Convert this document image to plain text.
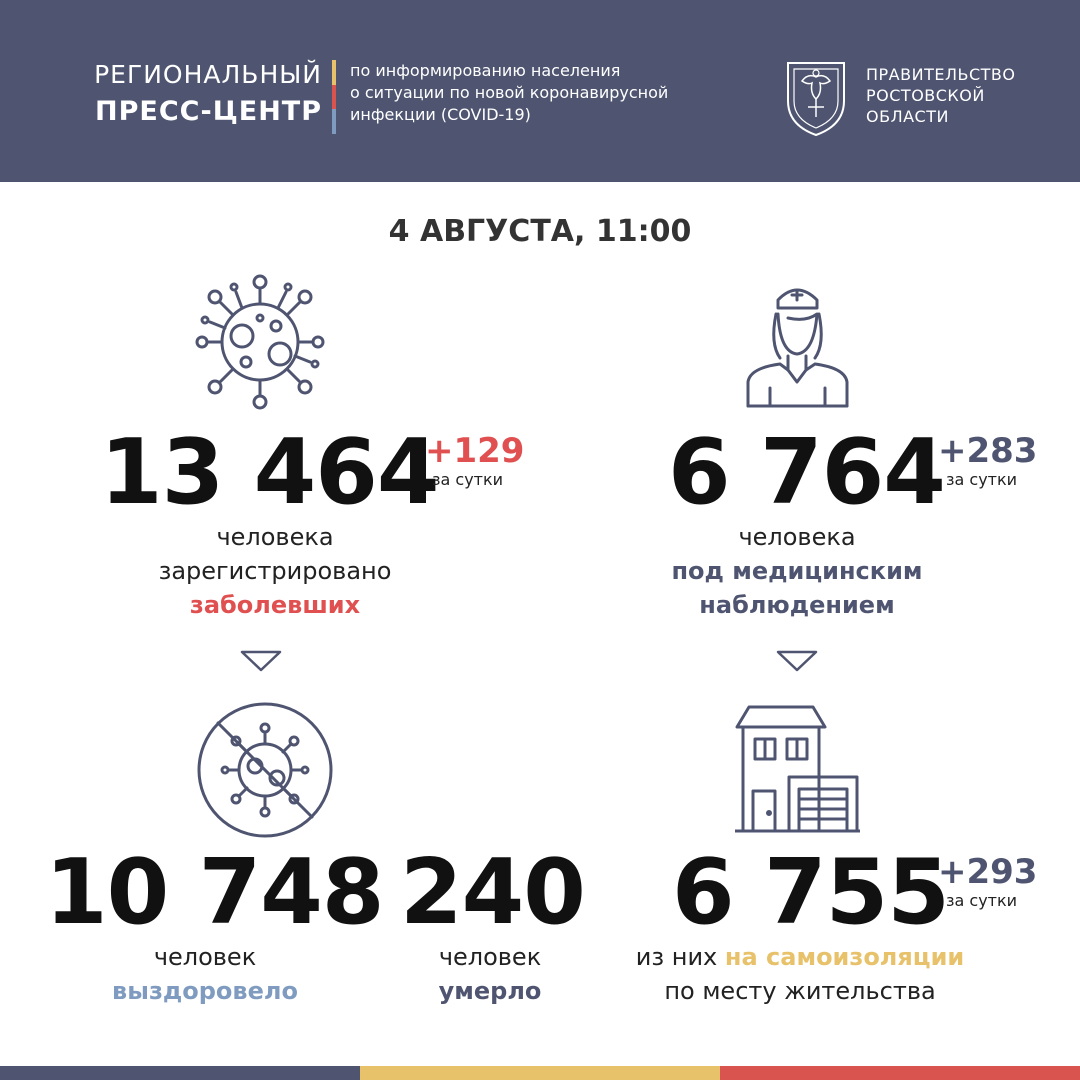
РЕГИОНАЛЬНЫЙ
ПРЕСС-ЦЕНТР
по информированию населения
о ситуации по новой коронавирусной
инфекции (COVID-19)
ПРАВИТЕЛЬСТВО
РОСТОВСКОЙ
ОБЛАСТИ
4 АВГУСТА, 11:00
13 464
+129
за сутки
человека
зарегистрировано
заболевших
6 764
+283
за сутки
человека
под медицинским
наблюдением
10 748
человек
выздоровело
240
человек
умерло
6 755
+293
за сутки
из них на самоизоляции
по месту жительства
